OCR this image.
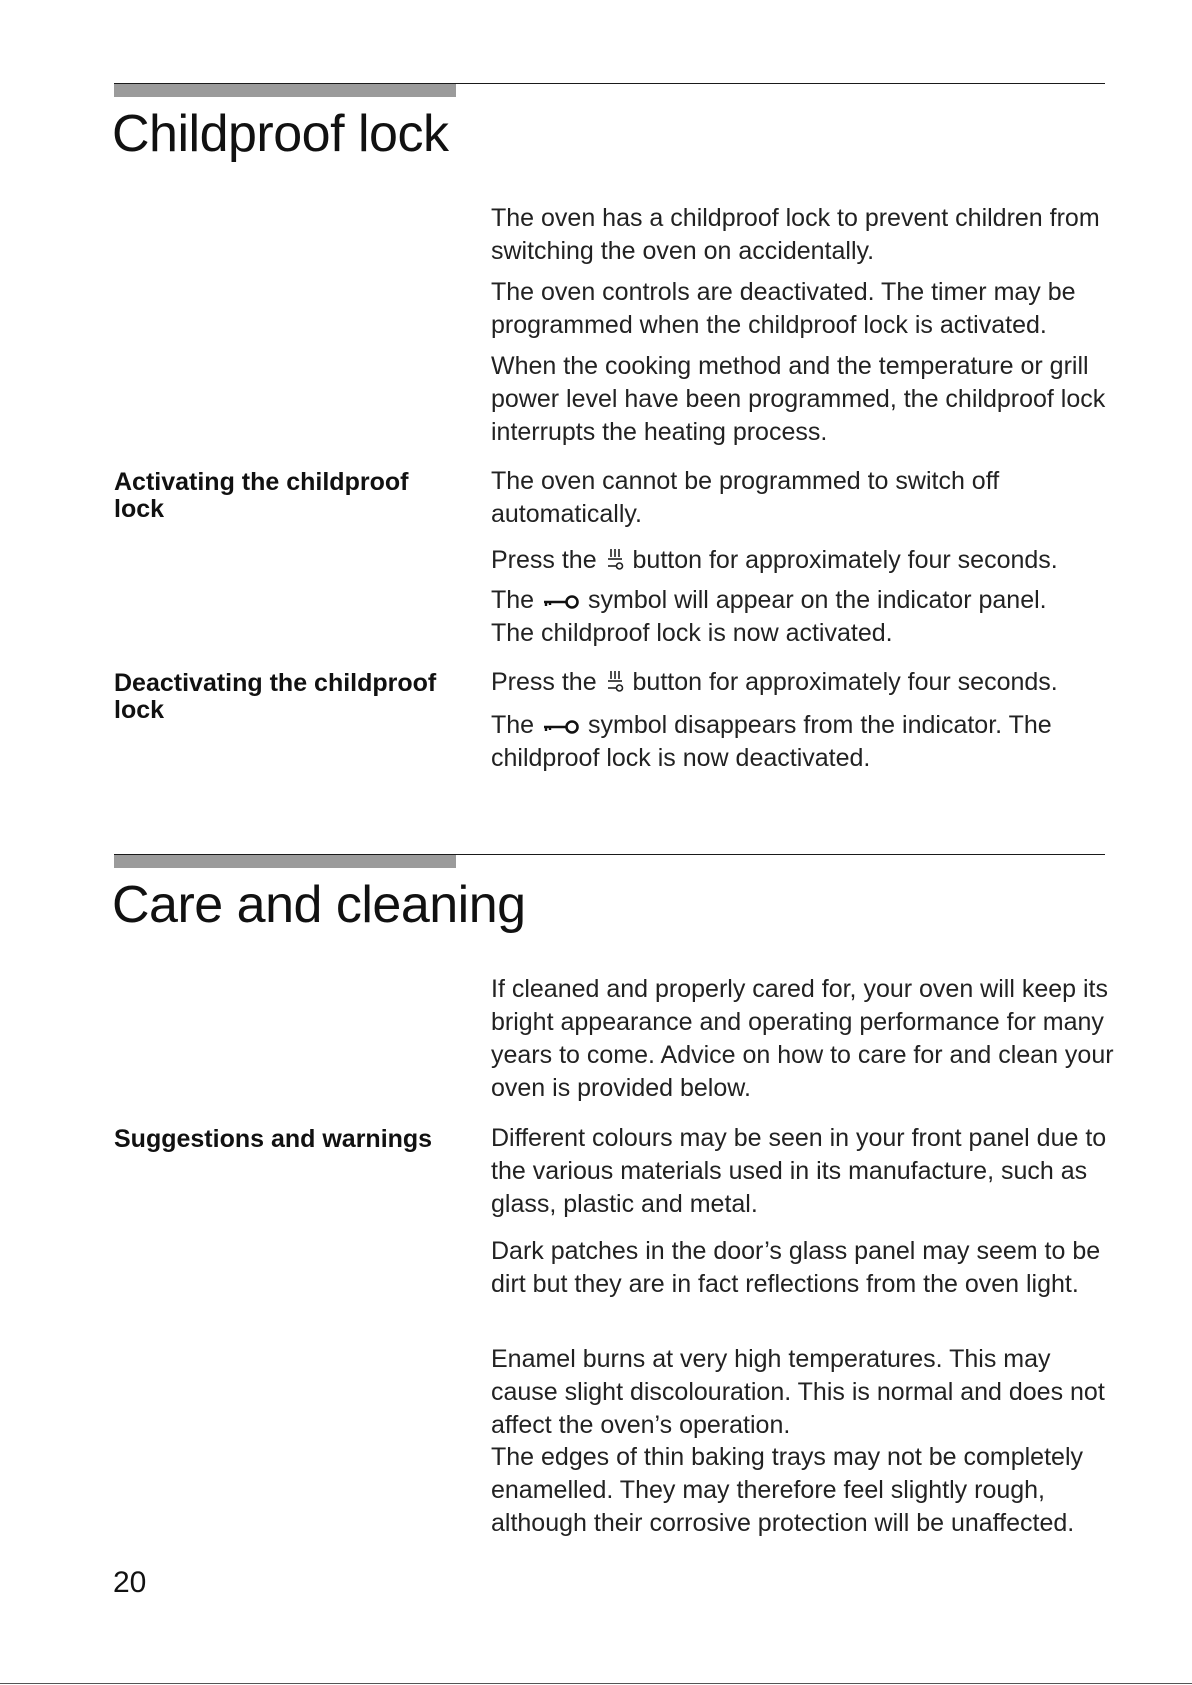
Childproof lock

The oven has a childproof lock to prevent children from switching the oven on accidentally.

The oven controls are deactivated. The timer may be programmed when the childproof lock is activated.

When the cooking method and the temperature or grill power level have been programmed, the childproof lock interrupts the heating process.

Activating the childproof lock

The oven cannot be programmed to switch off automatically.

Press the button for approximately four seconds.

The symbol will appear on the indicator panel.
The childproof lock is now activated.

Deactivating the childproof lock

Press the button for approximately four seconds.

The symbol disappears from the indicator. The childproof lock is now deactivated.

Care and cleaning

If cleaned and properly cared for, your oven will keep its bright appearance and operating performance for many years to come. Advice on how to care for and clean your oven is provided below.

Suggestions and warnings	Different colours may be seen in your front panel due to the various materials used in its manufacture, such as glass, plastic and metal.

Dark patches in the door’s glass panel may seem to be dirt but they are in fact reflections from the oven light.

Enamel burns at very high temperatures. This may cause slight discolouration. This is normal and does not affect the oven’s operation.

The edges of thin baking trays may not be completely enamelled. They may therefore feel slightly rough, although their corrosive protection will be unaffected.

20
